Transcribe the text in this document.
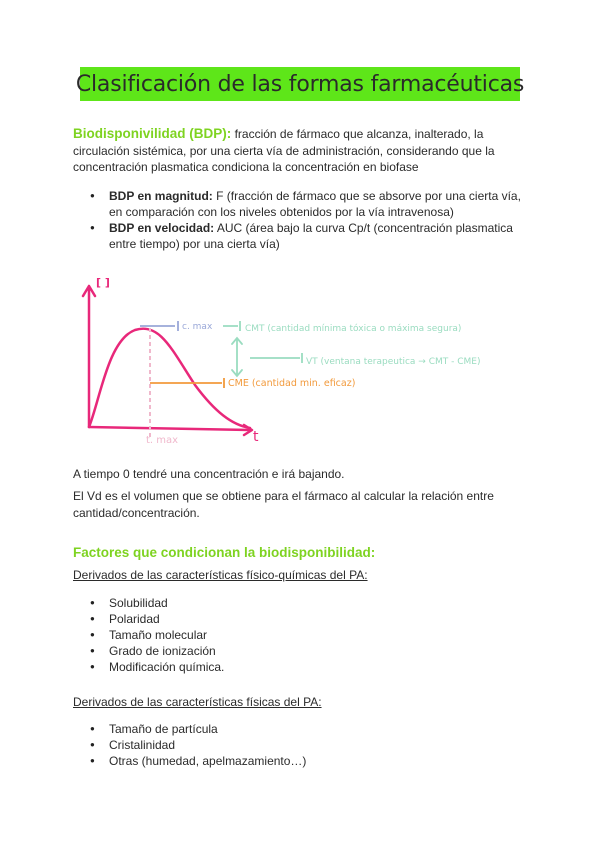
Clasificación de las formas farmacéuticas
Biodisponivilidad (BDP): fracción de fármaco que alcanza, inalterado, la circulación sistémica, por una cierta vía de administración, considerando que la concentración plasmatica condiciona la concentración en biofase
● BDP en magnitud: F (fracción de fármaco que se absorve por una cierta vía, en comparación con los niveles obtenidos por la vía intravenosa)
● BDP en velocidad: AUC (área bajo la curva Cp/t (concentración plasmatica entre tiempo) por una cierta vía)
[ ]
t
t. max
c. max	CMT (cantidad mínima tóxica o máxima segura)
VT (ventana terapeutica → CMT - CME)
CME (cantidad min. eficaz)
A tiempo 0 tendré una concentración e irá bajando.
El Vd es el volumen que se obtiene para el fármaco al calcular la relación entre cantidad/concentración.
Factores que condicionan la biodisponibilidad:
Derivados de las características físico-químicas del PA:
● Solubilidad
● Polaridad
● Tamaño molecular
● Grado de ionización
● Modificación química.
Derivados de las características físicas del PA:
● Tamaño de partícula
● Cristalinidad
● Otras (humedad, apelmazamiento…)
